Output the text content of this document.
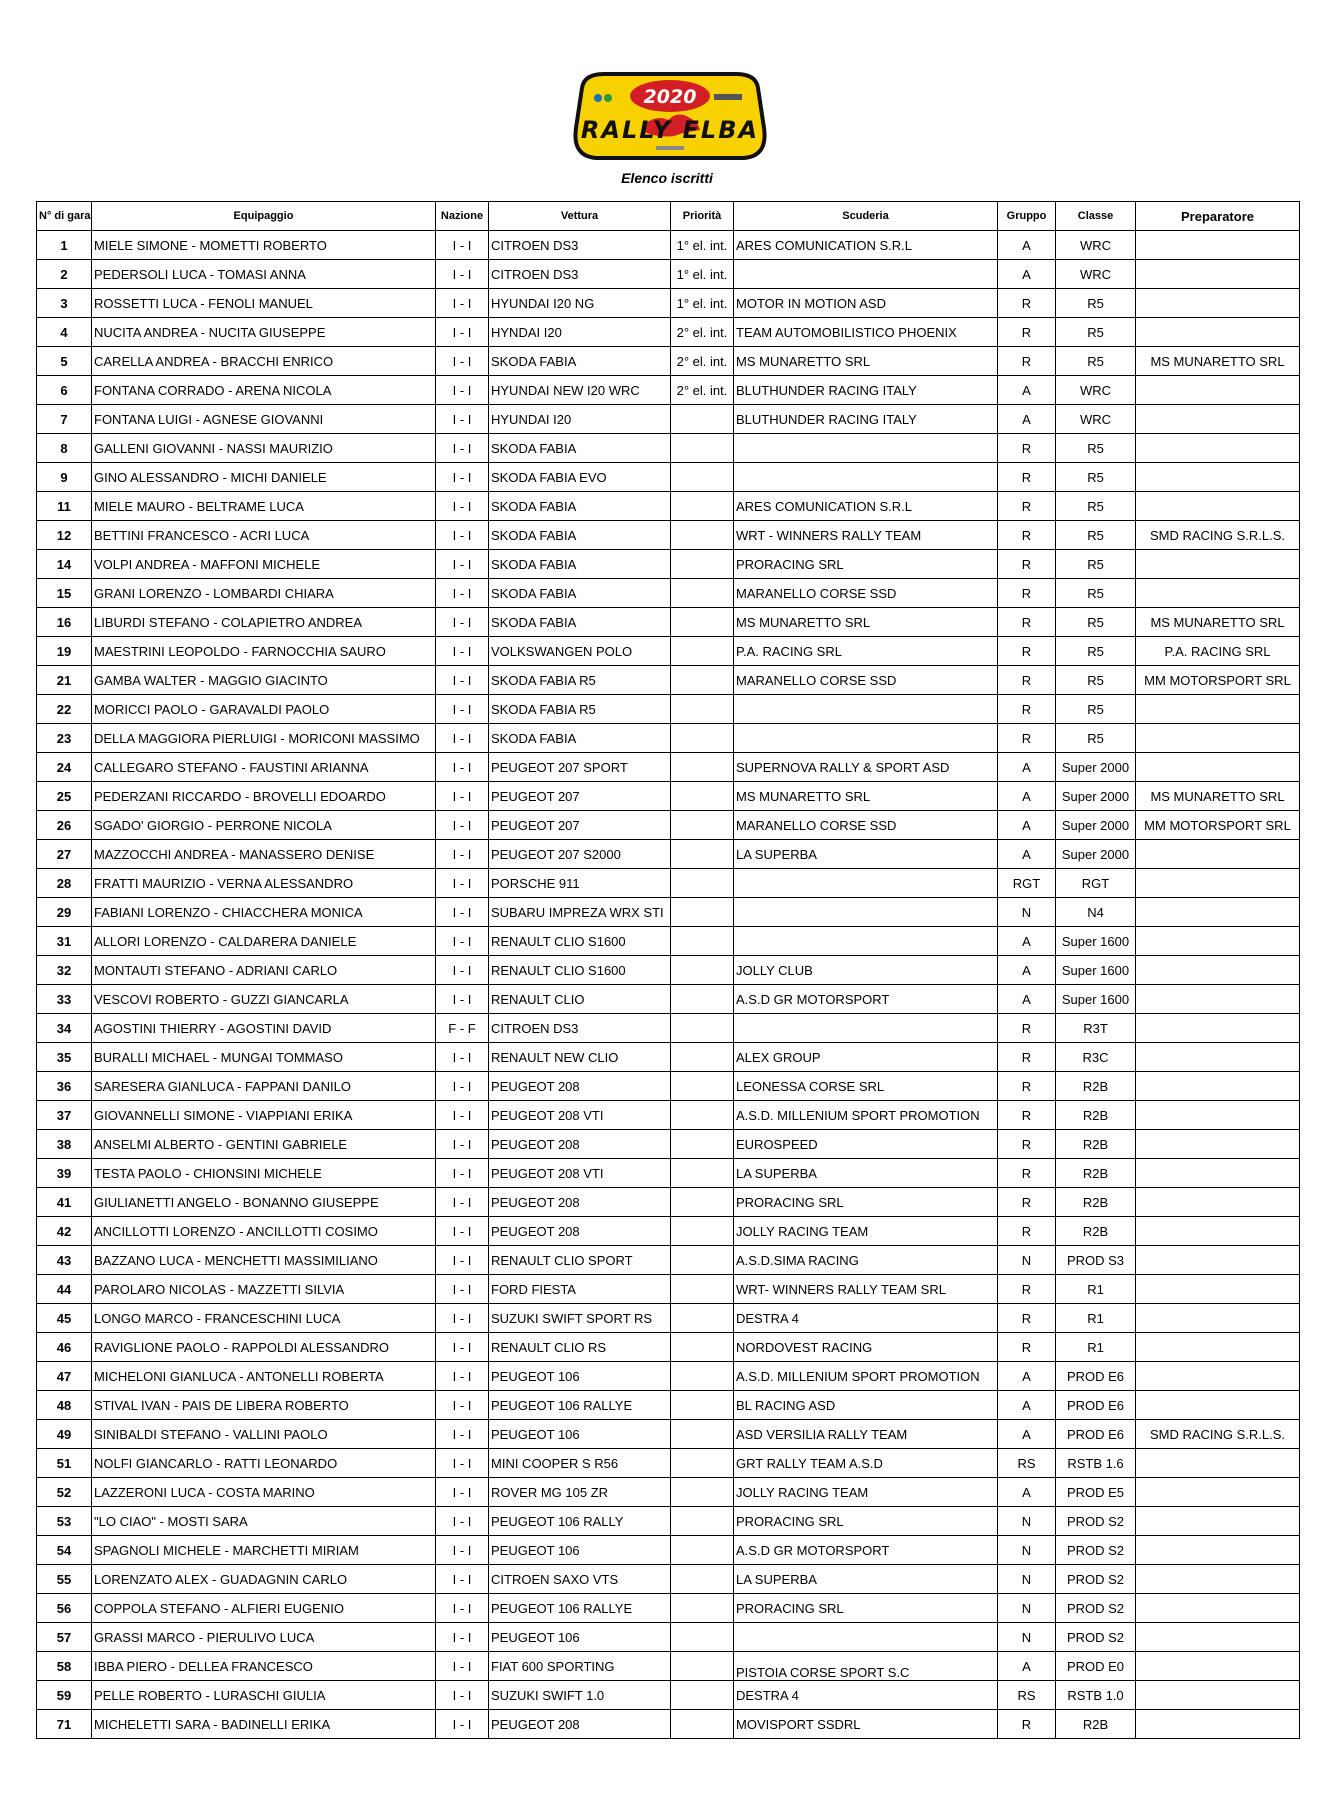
2020
RALLY ELBA
Elenco iscritti
N° di gara	Equipaggio	Nazione	Vettura	Priorità	Scuderia	Gruppo	Classe	Preparatore
1	MIELE SIMONE - MOMETTI ROBERTO	I - I	CITROEN DS3	1° el. int.	ARES COMUNICATION S.R.L	A	WRC	
2	PEDERSOLI LUCA - TOMASI ANNA	I - I	CITROEN DS3	1° el. int.		A	WRC	
3	ROSSETTI LUCA - FENOLI MANUEL	I - I	HYUNDAI I20 NG	1° el. int.	MOTOR IN MOTION ASD	R	R5	
4	NUCITA ANDREA - NUCITA GIUSEPPE	I - I	HYNDAI I20	2° el. int.	TEAM AUTOMOBILISTICO PHOENIX	R	R5	
5	CARELLA ANDREA - BRACCHI ENRICO	I - I	SKODA FABIA	2° el. int.	MS MUNARETTO SRL	R	R5	MS MUNARETTO SRL
6	FONTANA CORRADO - ARENA NICOLA	I - I	HYUNDAI NEW I20 WRC	2° el. int.	BLUTHUNDER RACING ITALY	A	WRC	
7	FONTANA LUIGI - AGNESE GIOVANNI	I - I	HYUNDAI I20		BLUTHUNDER RACING ITALY	A	WRC	
8	GALLENI GIOVANNI - NASSI MAURIZIO	I - I	SKODA FABIA			R	R5	
9	GINO ALESSANDRO - MICHI DANIELE	I - I	SKODA FABIA EVO			R	R5	
11	MIELE MAURO - BELTRAME LUCA	I - I	SKODA FABIA		ARES COMUNICATION S.R.L	R	R5	
12	BETTINI FRANCESCO - ACRI LUCA	I - I	SKODA FABIA		WRT - WINNERS RALLY TEAM	R	R5	SMD RACING S.R.L.S.
14	VOLPI ANDREA - MAFFONI MICHELE	I - I	SKODA FABIA		PRORACING SRL	R	R5	
15	GRANI LORENZO - LOMBARDI CHIARA	I - I	SKODA FABIA		MARANELLO CORSE SSD	R	R5	
16	LIBURDI STEFANO - COLAPIETRO ANDREA	I - I	SKODA FABIA		MS MUNARETTO SRL	R	R5	MS MUNARETTO SRL
19	MAESTRINI LEOPOLDO - FARNOCCHIA SAURO	I - I	VOLKSWANGEN POLO		P.A. RACING SRL	R	R5	P.A. RACING SRL
21	GAMBA WALTER - MAGGIO GIACINTO	I - I	SKODA FABIA R5		MARANELLO CORSE SSD	R	R5	MM MOTORSPORT SRL
22	MORICCI PAOLO - GARAVALDI PAOLO	I - I	SKODA FABIA R5			R	R5	
23	DELLA MAGGIORA PIERLUIGI - MORICONI MASSIMO	I - I	SKODA FABIA			R	R5	
24	CALLEGARO STEFANO - FAUSTINI ARIANNA	I - I	PEUGEOT 207 SPORT		SUPERNOVA RALLY & SPORT ASD	A	Super 2000	
25	PEDERZANI RICCARDO - BROVELLI EDOARDO	I - I	PEUGEOT 207		MS MUNARETTO SRL	A	Super 2000	MS MUNARETTO SRL
26	SGADO' GIORGIO - PERRONE NICOLA	I - I	PEUGEOT 207		MARANELLO CORSE SSD	A	Super 2000	MM MOTORSPORT SRL
27	MAZZOCCHI ANDREA - MANASSERO DENISE	I - I	PEUGEOT 207 S2000		LA SUPERBA	A	Super 2000	
28	FRATTI MAURIZIO - VERNA ALESSANDRO	I - I	PORSCHE 911			RGT	RGT	
29	FABIANI LORENZO - CHIACCHERA MONICA	I - I	SUBARU IMPREZA WRX STI			N	N4	
31	ALLORI LORENZO - CALDARERA DANIELE	I - I	RENAULT CLIO S1600			A	Super 1600	
32	MONTAUTI STEFANO - ADRIANI CARLO	I - I	RENAULT CLIO S1600		JOLLY CLUB	A	Super 1600	
33	VESCOVI ROBERTO - GUZZI GIANCARLA	I - I	RENAULT CLIO		A.S.D GR MOTORSPORT	A	Super 1600	
34	AGOSTINI THIERRY - AGOSTINI DAVID	F - F	CITROEN DS3			R	R3T	
35	BURALLI MICHAEL - MUNGAI TOMMASO	I - I	RENAULT NEW CLIO		ALEX GROUP	R	R3C	
36	SARESERA GIANLUCA - FAPPANI DANILO	I - I	PEUGEOT 208		LEONESSA CORSE SRL	R	R2B	
37	GIOVANNELLI SIMONE - VIAPPIANI ERIKA	I - I	PEUGEOT 208 VTI		A.S.D. MILLENIUM SPORT PROMOTION	R	R2B	
38	ANSELMI ALBERTO - GENTINI GABRIELE	I - I	PEUGEOT 208		EUROSPEED	R	R2B	
39	TESTA PAOLO - CHIONSINI MICHELE	I - I	PEUGEOT 208 VTI		LA SUPERBA	R	R2B	
41	GIULIANETTI ANGELO - BONANNO GIUSEPPE	I - I	PEUGEOT 208		PRORACING SRL	R	R2B	
42	ANCILLOTTI LORENZO - ANCILLOTTI COSIMO	I - I	PEUGEOT 208		JOLLY RACING TEAM	R	R2B	
43	BAZZANO LUCA - MENCHETTI MASSIMILIANO	I - I	RENAULT CLIO SPORT		A.S.D.SIMA RACING	N	PROD S3	
44	PAROLARO NICOLAS - MAZZETTI SILVIA	I - I	FORD FIESTA		WRT- WINNERS RALLY TEAM SRL	R	R1	
45	LONGO MARCO - FRANCESCHINI LUCA	I - I	SUZUKI SWIFT SPORT RS		DESTRA 4	R	R1	
46	RAVIGLIONE PAOLO - RAPPOLDI ALESSANDRO	I - I	RENAULT CLIO RS		NORDOVEST RACING	R	R1	
47	MICHELONI GIANLUCA - ANTONELLI ROBERTA	I - I	PEUGEOT 106		A.S.D. MILLENIUM SPORT PROMOTION	A	PROD E6	
48	STIVAL IVAN - PAIS DE LIBERA ROBERTO	I - I	PEUGEOT 106 RALLYE		BL RACING ASD	A	PROD E6	
49	SINIBALDI STEFANO - VALLINI PAOLO	I - I	PEUGEOT 106		ASD VERSILIA RALLY TEAM	A	PROD E6	SMD RACING S.R.L.S.
51	NOLFI GIANCARLO - RATTI LEONARDO	I - I	MINI COOPER S R56		GRT RALLY TEAM A.S.D	RS	RSTB 1.6	
52	LAZZERONI LUCA - COSTA MARINO	I - I	ROVER MG 105 ZR		JOLLY RACING TEAM	A	PROD E5	
53	"LO CIAO" - MOSTI SARA	I - I	PEUGEOT 106 RALLY		PRORACING SRL	N	PROD S2	
54	SPAGNOLI MICHELE - MARCHETTI MIRIAM	I - I	PEUGEOT 106		A.S.D GR MOTORSPORT	N	PROD S2	
55	LORENZATO ALEX - GUADAGNIN CARLO	I - I	CITROEN SAXO VTS		LA SUPERBA	N	PROD S2	
56	COPPOLA STEFANO - ALFIERI EUGENIO	I - I	PEUGEOT 106 RALLYE		PRORACING SRL	N	PROD S2	
57	GRASSI MARCO - PIERULIVO LUCA	I - I	PEUGEOT 106			N	PROD S2	
58	IBBA PIERO - DELLEA FRANCESCO	I - I	FIAT 600 SPORTING		PISTOIA CORSE SPORT S.C	A	PROD E0	
59	PELLE ROBERTO - LURASCHI GIULIA	I - I	SUZUKI SWIFT 1.0		DESTRA 4	RS	RSTB 1.0	
71	MICHELETTI SARA - BADINELLI ERIKA	I - I	PEUGEOT 208		MOVISPORT SSDRL	R	R2B	
